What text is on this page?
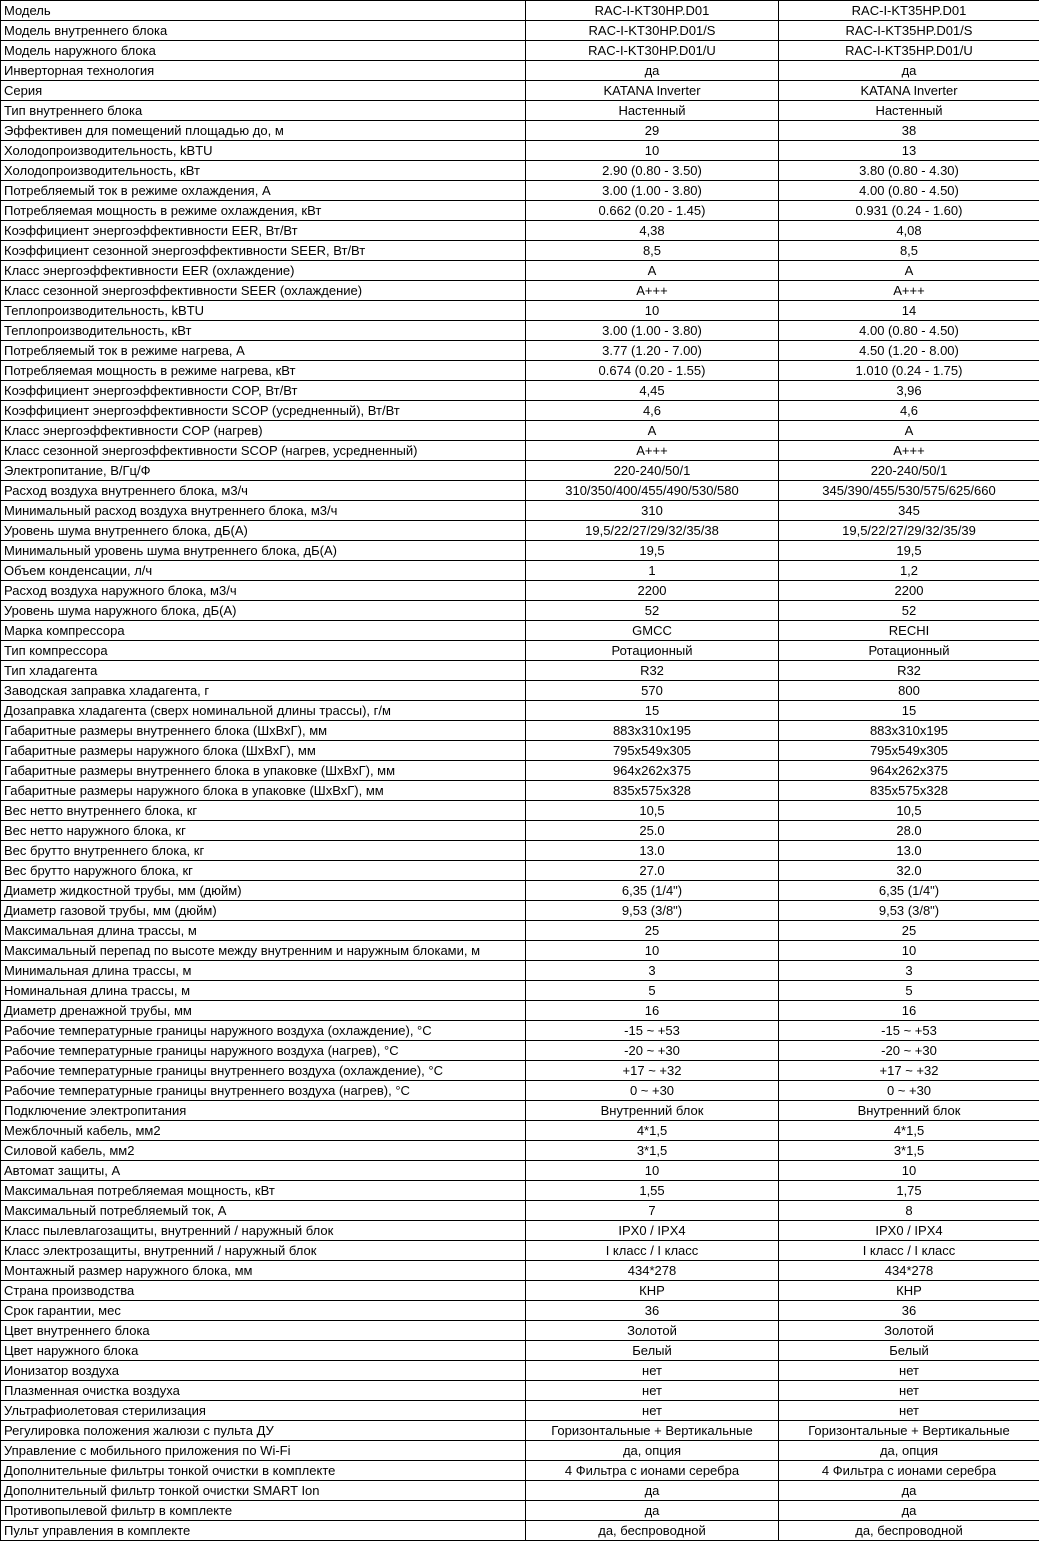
Модель	RAC-I-KT30HP.D01	RAC-I-KT35HP.D01
Модель внутреннего блока	RAC-I-KT30HP.D01/S	RAC-I-KT35HP.D01/S
Модель наружного блока	RAC-I-KT30HP.D01/U	RAC-I-KT35HP.D01/U
Инверторная технология	да	да
Серия	KATANA Inverter	KATANA Inverter
Тип внутреннего блока	Настенный	Настенный
Эффективен для помещений площадью до, м	29	38
Холодопроизводительность, kBTU	10	13
Холодопроизводительность, кВт	2.90 (0.80 - 3.50)	3.80 (0.80 - 4.30)
Потребляемый ток в режиме охлаждения, А	3.00 (1.00 - 3.80)	4.00 (0.80 - 4.50)
Потребляемая мощность в режиме охлаждения, кВт	0.662 (0.20 - 1.45)	0.931 (0.24 - 1.60)
Коэффициент энергоэффективности EER, Вт/Вт	4,38	4,08
Коэффициент сезонной энергоэффективности SEER, Вт/Вт	8,5	8,5
Класс энергоэффективности EER (охлаждение)	A	A
Класс сезонной энергоэффективности SEER (охлаждение)	A+++	A+++
Теплопроизводительность, kBTU	10	14
Теплопроизводительность, кВт	3.00 (1.00 - 3.80)	4.00 (0.80 - 4.50)
Потребляемый ток в режиме нагрева, А	3.77 (1.20 - 7.00)	4.50 (1.20 - 8.00)
Потребляемая мощность в режиме нагрева, кВт	0.674 (0.20 - 1.55)	1.010 (0.24 - 1.75)
Коэффициент энергоэффективности COP, Вт/Вт	4,45	3,96
Коэффициент энергоэффективности SCOP (усредненный), Вт/Вт	4,6	4,6
Класс энергоэффективности COP (нагрев)	A	A
Класс сезонной энергоэффективности SCOP (нагрев, усредненный)	A+++	A+++
Электропитание, В/Гц/Ф	220-240/50/1	220-240/50/1
Расход воздуха внутреннего блока, м3/ч	310/350/400/455/490/530/580	345/390/455/530/575/625/660
Минимальный расход воздуха внутреннего блока, м3/ч	310	345
Уровень шума внутреннего блока, дБ(А)	19,5/22/27/29/32/35/38	19,5/22/27/29/32/35/39
Минимальный уровень шума внутреннего блока, дБ(А)	19,5	19,5
Объем конденсации, л/ч	1	1,2
Расход воздуха наружного блока, м3/ч	2200	2200
Уровень шума наружного блока, дБ(А)	52	52
Марка компрессора	GMCC	RECHI
Тип компрессора	Ротационный	Ротационный
Тип хладагента	R32	R32
Заводская заправка хладагента, г	570	800
Дозаправка хладагента (сверх номинальной длины трассы), г/м	15	15
Габаритные размеры внутреннего блока (ШхВхГ), мм	883x310x195	883x310x195
Габаритные размеры наружного блока (ШхВхГ), мм	795x549x305	795x549x305
Габаритные размеры внутреннего блока в упаковке (ШхВхГ), мм	964x262x375	964x262x375
Габаритные размеры наружного блока в упаковке (ШхВхГ), мм	835x575x328	835x575x328
Вес нетто внутреннего блока, кг	10,5	10,5
Вес нетто наружного блока, кг	25.0	28.0
Вес брутто внутреннего блока, кг	13.0	13.0
Вес брутто наружного блока, кг	27.0	32.0
Диаметр жидкостной трубы, мм (дюйм)	6,35 (1/4")	6,35 (1/4")
Диаметр газовой трубы, мм (дюйм)	9,53 (3/8")	9,53 (3/8")
Максимальная длина трассы, м	25	25
Максимальный перепад по высоте между внутренним и наружным блоками, м	10	10
Минимальная длина трассы, м	3	3
Номинальная длина трассы, м	5	5
Диаметр дренажной трубы, мм	16	16
Рабочие температурные границы наружного воздуха (охлаждение), °С	-15 ~ +53	-15 ~ +53
Рабочие температурные границы наружного воздуха (нагрев), °С	-20 ~ +30	-20 ~ +30
Рабочие температурные границы внутреннего воздуха (охлаждение), °С	+17 ~ +32	+17 ~ +32
Рабочие температурные границы внутреннего воздуха (нагрев), °С	0 ~ +30	0 ~ +30
Подключение электропитания	Внутренний блок	Внутренний блок
Межблочный кабель, мм2	4*1,5	4*1,5
Силовой кабель, мм2	3*1,5	3*1,5
Автомат защиты, А	10	10
Максимальная потребляемая мощность, кВт	1,55	1,75
Максимальный потребляемый ток, А	7	8
Класс пылевлагозащиты, внутренний / наружный блок	IPX0 / IPX4	IPX0 / IPX4
Класс электрозащиты, внутренний / наружный блок	I класс / I класс	I класс / I класс
Монтажный размер наружного блока, мм	434*278	434*278
Страна производства	КНР	КНР
Срок гарантии, мес	36	36
Цвет внутреннего блока	Золотой	Золотой
Цвет наружного блока	Белый	Белый
Ионизатор воздуха	нет	нет
Плазменная очистка воздуха	нет	нет
Ультрафиолетовая стерилизация	нет	нет
Регулировка положения жалюзи с пульта ДУ	Горизонтальные + Вертикальные	Горизонтальные + Вертикальные
Управление с мобильного приложения по Wi-Fi	да, опция	да, опция
Дополнительные фильтры тонкой очистки в комплекте	4 Фильтра с ионами серебра	4 Фильтра с ионами серебра
Дополнительный фильтр тонкой очистки SMART Ion	да	да
Противопылевой фильтр в комплекте	да	да
Пульт управления в комплекте	да, беспроводной	да, беспроводной
